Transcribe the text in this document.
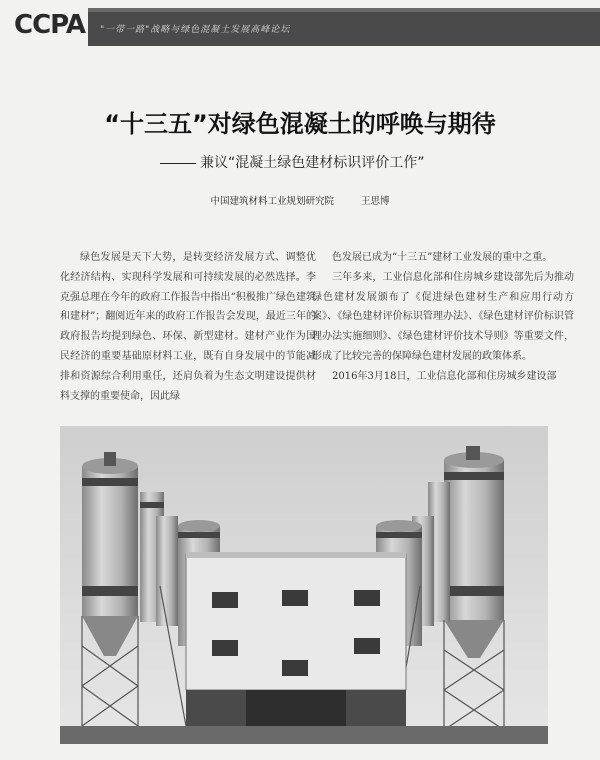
CCPA "一带一路"战略与绿色混凝土发展高峰论坛
“十三五”对绿色混凝土的呼唤与期待
兼议“混凝土绿色建材标识评价工作”
中国建筑材料工业规划研究院	王思博

绿色发展是天下大势，是转变经济发展方式、调整优化经济结构、实现科学发展和可持续发展的必然选择。李克强总理在今年的政府工作报告中指出“积极推广绿色建筑和建材”；翻阅近年来的政府工作报告会发现，最近三年的政府报告均提到绿色、环保、新型建材。建材产业作为国民经济的重要基础原材料工业，既有自身发展中的节能减排和资源综合利用重任，还肩负着为生态文明建设提供材料支撑的重要使命，因此绿

色发展已成为“十三五”建材工业发展的重中之重。

三年多来，工业信息化部和住房城乡建设部先后为推动绿色建材发展颁布了《促进绿色建材生产和应用行动方案》、《绿色建材评价标识管理办法》、《绿色建材评价标识管理办法实施细则》、《绿色建材评价技术导则》等重要文件，形成了比较完善的保障绿色建材发展的政策体系。

2016年3月18日，工业信息化部和住房城乡建设部
